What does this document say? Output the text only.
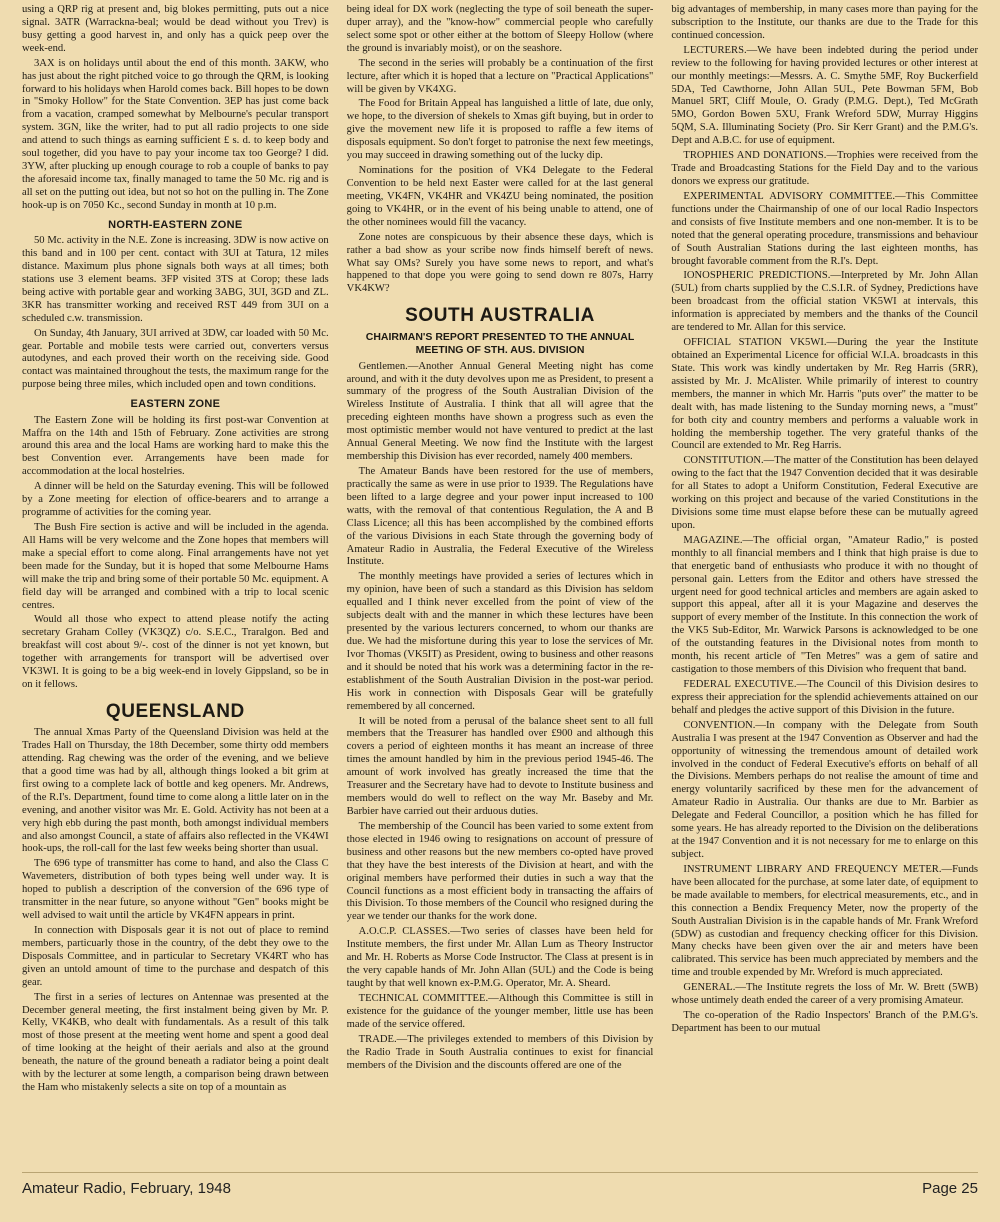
using a QRP rig at present and, big blokes permitting, puts out a nice signal. 3ATR (Warrackna-beal; would be dead without you Trev) is busy getting a good harvest in, and only has a quick peep over the week-end.

3AX is on holidays until about the end of this month. 3AKW, who has just about the right pitched voice to go through the QRM, is looking forward to his holidays when Harold comes back. Bill hopes to be down in "Smoky Hollow" for the State Convention. 3EP has just come back from a vacation, cramped somewhat by Melbourne's pecular transport system. 3GN, like the writer, had to put all radio projects to one side and attend to such things as earning sufficient £ s. d. to keep body and soul together, did you have to pay your income tax too George? I did. 3YW, after plucking up enough courage to rob a couple of banks to pay the aforesaid income tax, finally managed to tame the 50 Mc. rig and is all set on the putting out idea, but not so hot on the pulling in. The Zone hook-up is on 7050 Kc., second Sunday in month at 10 p.m.

NORTH-EASTERN ZONE

50 Mc. activity in the N.E. Zone is increasing. 3DW is now active on this band and in 100 per cent. contact with 3UI at Tatura, 12 miles distance. Maximum plus phone signals both ways at all times; both stations use 3 element beams. 3FP visited 3TS at Corop; these lads being active with portable gear and working 3ABG, 3UI, 3GD and ZL. 3KR has transmitter working and received RST 449 from 3UI on a scheduled c.w. transmission.

On Sunday, 4th January, 3UI arrived at 3DW, car loaded with 50 Mc. gear. Portable and mobile tests were carried out, converters versus autodynes, and each proved their worth on the receiving side. Good contact was maintained throughout the tests, the maximum range for the purpose being three miles, which included open and town conditions.

EASTERN ZONE

The Eastern Zone will be holding its first post-war Convention at Maffra on the 14th and 15th of February. Zone activities are strong around this area and the local Hams are working hard to make this the best Convention ever. Arrangements have been made for accommodation at the local hostelries.

A dinner will be held on the Saturday evening. This will be followed by a Zone meeting for election of office-bearers and to arrange a programme of activities for the coming year.

The Bush Fire section is active and will be included in the agenda. All Hams will be very welcome and the Zone hopes that members will make a special effort to come along. Final arrangements have not yet been made for the Sunday, but it is hoped that some Melbourne Hams will make the trip and bring some of their portable 50 Mc. equipment. A field day will be arranged and combined with a trip to local scenic centres.

Would all those who expect to attend please notify the acting secretary Graham Colley (VK3QZ) c/o. S.E.C., Traralgon. Bed and breakfast will cost about 9/-. cost of the dinner is not yet known, but together with arrangements for transport will be advertised over VK3WI. It is going to be a big week-end in lovely Gippsland, so be in on it fellows.

QUEENSLAND

The annual Xmas Party of the Queensland Division was held at the Trades Hall on Thursday, the 18th December, some thirty odd members attending. Rag chewing was the order of the evening, and we believe that a good time was had by all, although things looked a bit grim at first owing to a complete lack of bottle and keg openers. Mr. Andrews, of the R.I's. Department, found time to come along a little later on in the evening, and another visitor was Mr. E. Gold. Activity has not been at a very high ebb during the past month, both amongst individual members and also amongst Council, a state of affairs also reflected in the VK4WI hook-ups, the roll-call for the last few weeks being shorter than usual.

The 696 type of transmitter has come to hand, and also the Class C Wavemeters, distribution of both types being well under way. It is hoped to publish a description of the conversion of the 696 type of transmitter in the near future, so anyone without "Gen" books might be well advised to wait until the article by VK4FN appears in print.

In connection with Disposals gear it is not out of place to remind members, particuarly those in the country, of the debt they owe to the Disposals Committee, and in particular to Secretary VK4RT who has given an untold amount of time to the purchase and despatch of this gear.

The first in a series of lectures on Antennae was presented at the December general meeting, the first instalment being given by Mr. P. Kelly, VK4KB, who dealt with fundamentals. As a result of this talk most of those present at the meeting went home and spent a good deal of time looking at the height of their aerials and also at the ground beneath, the nature of the ground beneath a radiator being a point dealt with by the lecturer at some length, a comparison being drawn between the Ham who mistakenly selects a site on top of a mountain as

being ideal for DX work (neglecting the type of soil beneath the super-duper array), and the "know-how" commercial people who carefully select some spot or other either at the bottom of Sleepy Hollow (where the ground is invariably moist), or on the seashore.

The second in the series will probably be a continuation of the first lecture, after which it is hoped that a lecture on "Practical Applications" will be given by VK4XG.

The Food for Britain Appeal has languished a little of late, due only, we hope, to the diversion of shekels to Xmas gift buying, but in order to give the movement new life it is proposed to raffle a few items of disposals equipment. So don't forget to patronise the next few meetings, you may succeed in drawing something out of the lucky dip.

Nominations for the position of VK4 Delegate to the Federal Convention to be held next Easter were called for at the last general meeting, VK4FN, VK4HR and VK4ZU being nominated, the position going to VK4HR, or in the event of his being unable to attend, one of the other nominees would fill the vacancy.

Zone notes are conspicuous by their absence these days, which is rather a bad show as your scribe now finds himself bereft of news. What say OMs? Surely you have some news to report, and what's happened to that dope you were going to send down re 807s, Harry VK4KW?

SOUTH AUSTRALIA
CHAIRMAN'S REPORT PRESENTED TO THE ANNUAL MEETING OF STH. AUS. DIVISION

Gentlemen.—Another Annual General Meeting night has come around, and with it the duty devolves upon me as President, to present a summary of the progress of the South Australian Division of the Wireless Institute of Australia. I think that all will agree that the preceding eighteen months have shown a progress such as even the most optimistic member would not have ventured to predict at the last Annual General Meeting. We now find the Institute with the largest membership this Division has ever recorded, namely 400 members.

The Amateur Bands have been restored for the use of members, practically the same as were in use prior to 1939. The Regulations have been lifted to a large degree and your power input increased to 100 watts, with the removal of that contentious Regulation, the A and B Class Licence; all this has been accomplished by the combined efforts of the various Divisions in each State through the governing body of Amateur Radio in Australia, the Federal Executive of the Wireless Institute.

The monthly meetings have provided a series of lectures which in my opinion, have been of such a standard as this Division has seldom equalled and I think never excelled from the point of view of the subjects dealt with and the manner in which these lectures have been presented by the various lecturers concerned, to whom our thanks are due. We had the misfortune during this year to lose the services of Mr. Ivor Thomas (VK5IT) as President, owing to business and other reasons and it should be noted that his work was a determining factor in the re-establishment of the South Australian Division in the post-war period. His work in connection with Disposals Gear will be gratefully remembered by all concerned.

It will be noted from a perusal of the balance sheet sent to all full members that the Treasurer has handled over £900 and although this covers a period of eighteen months it has meant an increase of three times the amount handled by him in the previous period 1945-46. The amount of work involved has greatly increased the time that the Treasurer and the Secretary have had to devote to Institute business and members would do well to reflect on the way Mr. Baseby and Mr. Barbier have carried out their arduous duties.

The membership of the Council has been varied to some extent from those elected in 1946 owing to resignations on account of pressure of business and other reasons but the new members co-opted have proved that they have the best interests of the Division at heart, and with the original members have performed their duties in such a way that the Council functions as a most efficient body in transacting the affairs of this Division. To those members of the Council who resigned during the year we tender our thanks for the work done.

A.O.C.P. CLASSES.—Two series of classes have been held for Institute members, the first under Mr. Allan Lum as Theory Instructor and Mr. H. Roberts as Morse Code Instructor. The Class at present is in the very capable hands of Mr. John Allan (5UL) and the Code is being taught by that well known ex-P.M.G. Operator, Mr. A. Sheard.

TECHNICAL COMMITTEE.—Although this Committee is still in existence for the guidance of the younger member, little use has been made of the service offered.

TRADE.—The privileges extended to members of this Division by the Radio Trade in South Australia continues to exist for financial members of the Division and the discounts offered are one of the

big advantages of membership, in many cases more than paying for the subscription to the Institute, our thanks are due to the Trade for this continued concession.

LECTURERS.—We have been indebted during the period under review to the following for having provided lectures or other interest at our monthly meetings:—Messrs. A. C. Smythe 5MF, Roy Buckerfield 5DA, Ted Cawthorne, John Allan 5UL, Pete Bowman 5FM, Bob Manuel 5RT, Cliff Moule, O. Grady (P.M.G. Dept.), Ted McGrath 5MO, Gordon Bowen 5XU, Frank Wreford 5DW, Murray Higgins 5QM, S.A. Illuminating Society (Pro. Sir Kerr Grant) and the P.M.G's. Dept and A.B.C. for use of equipment.

TROPHIES AND DONATIONS.—Trophies were received from the Trade and Broadcasting Stations for the Field Day and to the various donors we express our gratitude.

EXPERIMENTAL ADVISORY COMMITTEE.—This Committee functions under the Chairmanship of one of our local Radio Inspectors and consists of five Institute members and one non-member. It is to be noted that the general operating procedure, transmissions and behaviour of South Australian Stations during the last eighteen months, has brought favorable comment from the R.I's. Dept.

IONOSPHERIC PREDICTIONS.—Interpreted by Mr. John Allan (5UL) from charts supplied by the C.S.I.R. of Sydney, Predictions have been broadcast from the official station VK5WI at intervals, this information is appreciated by members and the thanks of the Council are tendered to Mr. Allan for this service.

OFFICIAL STATION VK5WI.—During the year the Institute obtained an Experimental Licence for official W.I.A. broadcasts in this State. This work was kindly undertaken by Mr. Reg Harris (5RR), assisted by Mr. J. McAlister. While primarily of interest to country members, the manner in which Mr. Harris "puts over" the matter to be dealt with, has made listening to the Sunday morning news, a "must" for both city and country members and performs a valuable work in holding the membership together. The very grateful thanks of the Council are extended to Mr. Reg Harris.

CONSTITUTION.—The matter of the Constitution has been delayed owing to the fact that the 1947 Convention decided that it was desirable for all States to adopt a Uniform Constitution, Federal Executive are working on this project and because of the varied Constitutions in the Divisions some time must elapse before these can be mutually agreed upon.

MAGAZINE.—The official organ, "Amateur Radio," is posted monthly to all financial members and I think that high praise is due to that energetic band of enthusiasts who produce it with no thought of personal gain. Letters from the Editor and others have stressed the urgent need for good technical articles and members are again asked to support this appeal, after all it is your Magazine and deserves the support of every member of the Institute. In this connection the work of the VK5 Sub-Editor, Mr. Warwick Parsons is acknowledged to be one of the outstanding features in the Divisional notes from month to month, his recent article of "Ten Metres" was a gem of satire and castigation to those members of this Division who frequent that band.

FEDERAL EXECUTIVE.—The Council of this Division desires to express their appreciation for the splendid achievements attained on our behalf and pledges the active support of this Division in the future.

CONVENTION.—In company with the Delegate from South Australia I was present at the 1947 Convention as Observer and had the opportunity of witnessing the tremendous amount of detailed work involved in the conduct of Federal Executive's efforts on behalf of all the Divisions. Members perhaps do not realise the amount of time and energy voluntarily sacrificed by these men for the advancement of Amateur Radio in Australia. Our thanks are due to Mr. Barbier as Delegate and Federal Councillor, a position which he has filled for some years. He has already reported to the Division on the deliberations at the 1947 Convention and it is not necessary for me to enlarge on this subject.

INSTRUMENT LIBRARY AND FREQUENCY METER.—Funds have been allocated for the purchase, at some later date, of equipment to be made available to members, for electrical measurements, etc., and in this connection a Bendix Frequency Meter, now the property of the South Australian Division is in the capable hands of Mr. Frank Wreford (5DW) as custodian and frequency checking officer for this Division. Many checks have been given over the air and meters have been calibrated. This service has been much appreciated by members and the time and trouble expended by Mr. Wreford is much appreciated.

GENERAL.—The Institute regrets the loss of Mr. W. Brett (5WB) whose untimely death ended the career of a very promising Amateur.

The co-operation of the Radio Inspectors' Branch of the P.M.G's. Department has been to our mutual

Amateur Radio, February, 1948	Page 25
